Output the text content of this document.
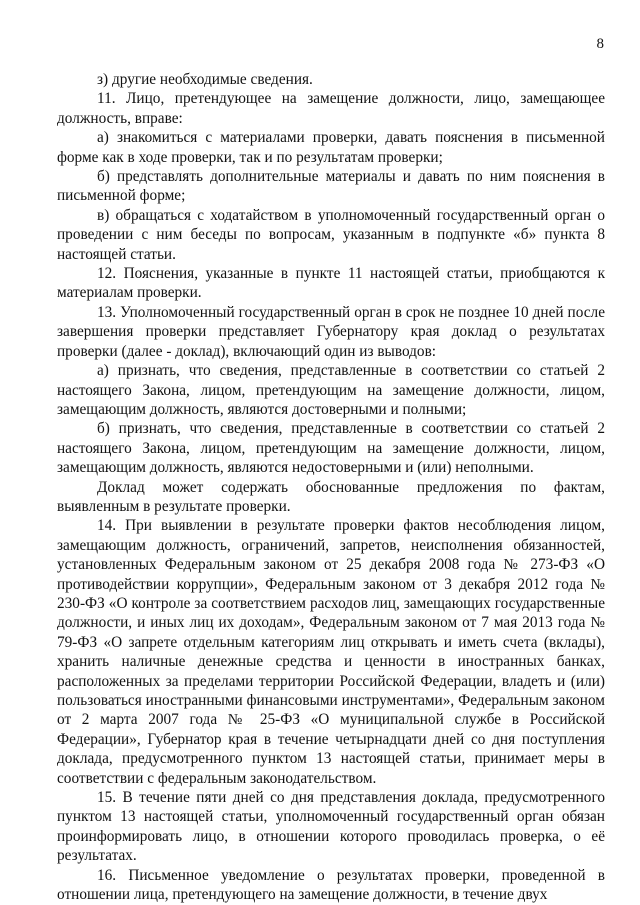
8

з) другие необходимые сведения.

11. Лицо, претендующее на замещение должности, лицо, замещающее должность, вправе:

а) знакомиться с материалами проверки, давать пояснения в письменной форме как в ходе проверки, так и по результатам проверки;

б) представлять дополнительные материалы и давать по ним пояснения в письменной форме;

в) обращаться с ходатайством в уполномоченный государственный орган о проведении с ним беседы по вопросам, указанным в подпункте «б» пункта 8 настоящей статьи.

12. Пояснения, указанные в пункте 11 настоящей статьи, приобщаются к материалам проверки.

13. Уполномоченный государственный орган в срок не позднее 10 дней после завершения проверки представляет Губернатору края доклад о результатах проверки (далее - доклад), включающий один из выводов:

а) признать, что сведения, представленные в соответствии со статьей 2 настоящего Закона, лицом, претендующим на замещение должности, лицом, замещающим должность, являются достоверными и полными;

б) признать, что сведения, представленные в соответствии со статьей 2 настоящего Закона, лицом, претендующим на замещение должности, лицом, замещающим должность, являются недостоверными и (или) неполными.

Доклад может содержать обоснованные предложения по фактам, выявленным в результате проверки.

14. При выявлении в результате проверки фактов несоблюдения лицом, замещающим должность, ограничений, запретов, неисполнения обязанностей, установленных Федеральным законом от 25 декабря 2008 года № 273-ФЗ «О противодействии коррупции», Федеральным законом от 3 декабря 2012 года № 230-ФЗ «О контроле за соответствием расходов лиц, замещающих государственные должности, и иных лиц их доходам», Федеральным законом от 7 мая 2013 года № 79-ФЗ «О запрете отдельным категориям лиц открывать и иметь счета (вклады), хранить наличные денежные средства и ценности в иностранных банках, расположенных за пределами территории Российской Федерации, владеть и (или) пользоваться иностранными финансовыми инструментами», Федеральным законом от 2 марта 2007 года № 25-ФЗ «О муниципальной службе в Российской Федерации», Губернатор края в течение четырнадцати дней со дня поступления доклада, предусмотренного пунктом 13 настоящей статьи, принимает меры в соответствии с федеральным законодательством.

15. В течение пяти дней со дня представления доклада, предусмотренного пунктом 13 настоящей статьи, уполномоченный государственный орган обязан проинформировать лицо, в отношении которого проводилась проверка, о её результатах.

16. Письменное уведомление о результатах проверки, проведенной в отношении лица, претендующего на замещение должности, в течение двух
